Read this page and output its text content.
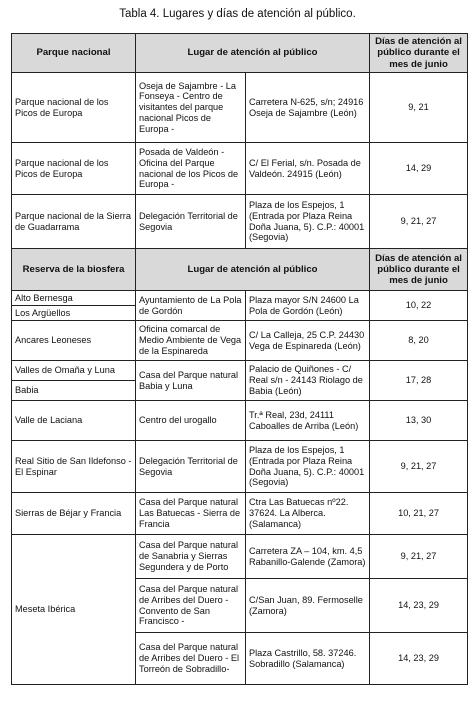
Tabla 4. Lugares y días de atención al público.
Parque nacional	Lugar de atención al público		Días de atención al público durante el mes de junio
Parque nacional de los Picos de Europa	Oseja de Sajambre - La Fonseya - Centro de visitantes del parque nacional Picos de Europa -	Carretera N-625, s/n; 24916 Oseja de Sajambre (León)	9, 21
Parque nacional de los Picos de Europa	Posada de Valdeón - Oficina del Parque nacional de los Picos de Europa -	C/ El Ferial, s/n. Posada de Valdeón. 24915 (León)	14, 29
Parque nacional de la Sierra de Guadarrama	Delegación Territorial de Segovia	Plaza de los Espejos, 1 (Entrada por Plaza Reina Doña Juana, 5). C.P.: 40001 (Segovia)	9, 21, 27
Reserva de la biosfera	Lugar de atención al público		Días de atención al público durante el mes de junio
Alto Bernesga	Ayuntamiento de La Pola de Gordón	Plaza mayor S/N 24600 La Pola de Gordón (León)	10, 22
Los Argüellos			
Ancares Leoneses	Oficina comarcal de Medio Ambiente de Vega de la Espinareda	C/ La Calleja, 25 C.P. 24430 Vega de Espinareda (León)	8, 20
Valles de Omaña y Luna	Casa del Parque natural Babia y Luna	Palacio de Quiñones - C/ Real s/n - 24143 Riolago de Babia (León)	17, 28
Babia			
Valle de Laciana	Centro del urogallo	Tr.ª Real, 23d, 24111 Caboalles de Arriba (León)	13, 30
Real Sitio de San Ildefonso -El Espinar	Delegación Territorial de Segovia	Plaza de los Espejos, 1 (Entrada por Plaza Reina Doña Juana, 5). C.P.: 40001 (Segovia)	9, 21, 27
Sierras de Béjar y Francia	Casa del Parque natural Las Batuecas - Sierra de Francia	Ctra Las Batuecas nº22. 37624. La Alberca. (Salamanca)	10, 21, 27
Meseta Ibérica	Casa del Parque natural de Sanabria y Sierras Segundera y de Porto	Carretera ZA – 104, km. 4,5 Rabanillo-Galende (Zamora)	9, 21, 27
	Casa del Parque natural de Arribes del Duero - Convento de San Francisco -	C/San Juan, 89. Fermoselle (Zamora)	14, 23, 29
	Casa del Parque natural de Arribes del Duero - El Torreón de Sobradillo-	Plaza Castrillo, 58. 37246. Sobradillo (Salamanca)	14, 23, 29
